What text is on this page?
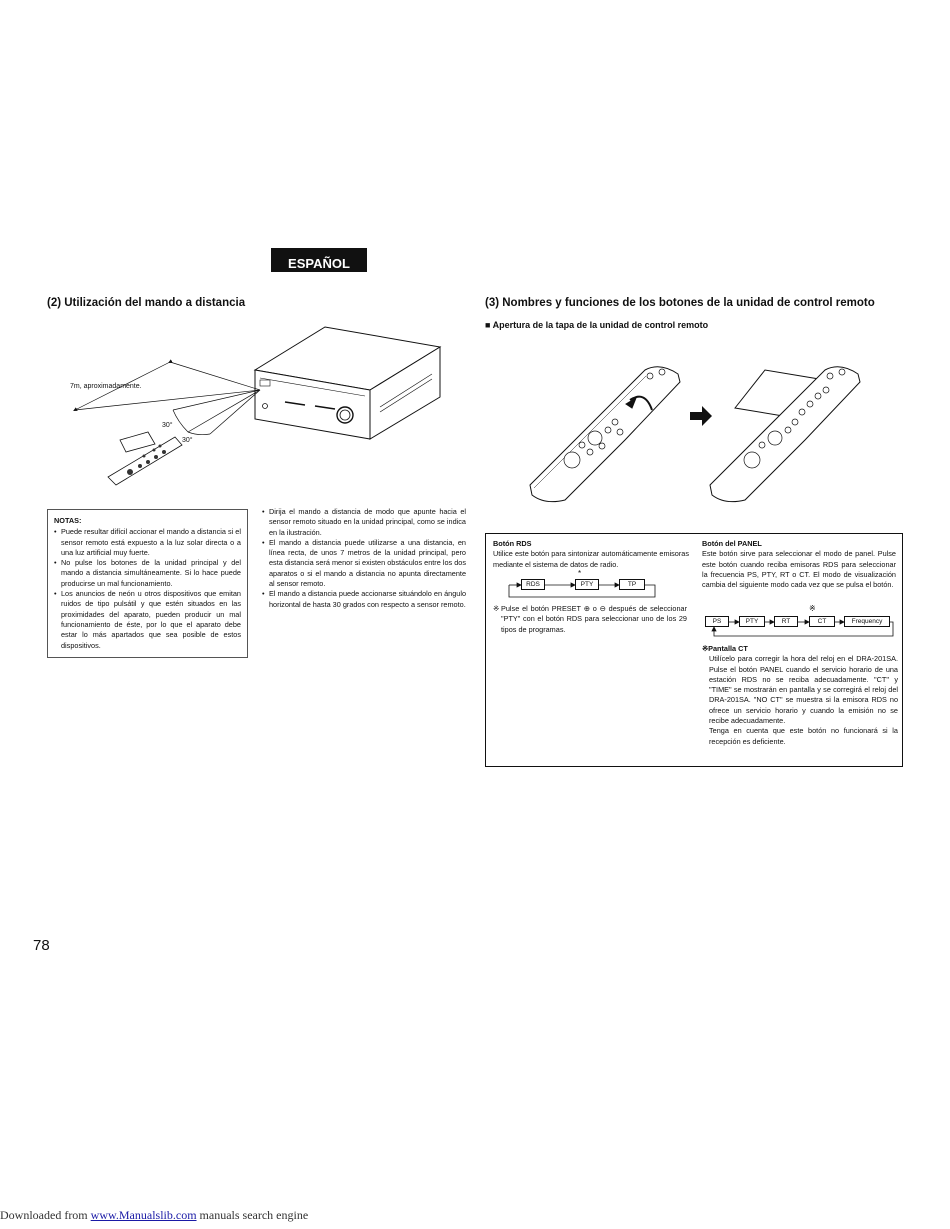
ESPAÑOL
(2) Utilización del mando a distancia
7m, aproximadamente.
30°
30°
NOTAS:
• Puede resultar difícil accionar el mando a distancia si el sensor remoto está expuesto a la luz solar directa o a una luz artificial muy fuerte.
• No pulse los botones de la unidad principal y del mando a distancia simultáneamente. Si lo hace puede producirse un mal funcionamiento.
• Los anuncios de neón u otros dispositivos que emitan ruidos de tipo pulsátil y que estén situados en las proximidades del aparato, pueden producir un mal funcionamiento de éste, por lo que el aparato debe estar lo más apartados que sea posible de estos dispositivos.
• Dirija el mando a distancia de modo que apunte hacia el sensor remoto situado en la unidad principal, como se indica en la ilustración.
• El mando a distancia puede utilizarse a una distancia, en línea recta, de unos 7 metros de la unidad principal, pero esta distancia será menor si existen obstáculos entre los dos aparatos o si el mando a distancia no apunta directamente al sensor remoto.
• El mando a distancia puede accionarse situándolo en ángulo horizontal de hasta 30 grados con respecto a sensor remoto.
(3) Nombres y funciones de los botones de la unidad de control remoto
■ Apertura de la tapa de la unidad de control remoto
Botón RDS
Utilice este botón para sintonizar automáticamente emisoras mediante el sistema de datos de radio.
*
RDS	PTY	TP
※ Pulse el botón PRESET ⊕ o ⊖ después de seleccionar "PTY" con el botón RDS para seleccionar uno de los 29 tipos de programas.
Botón del PANEL
Este botón sirve para seleccionar el modo de panel. Pulse este botón cuando reciba emisoras RDS para seleccionar la frecuencia PS, PTY, RT o CT. El modo de visualización cambia del siguiente modo cada vez que se pulsa el botón.
※
PS	PTY	RT	CT	Frequency
※Pantalla CT
Utilícelo para corregir la hora del reloj en el DRA-201SA. Pulse el botón PANEL cuando el servicio horario de una estación RDS no se reciba adecuadamente. "CT" y "TIME" se mostrarán en pantalla y se corregirá el reloj del DRA-201SA. "NO CT" se muestra si la emisora RDS no ofrece un servicio horario y cuando la emisión no se recibe adecuadamente.
Tenga en cuenta que este botón no funcionará si la recepción es deficiente.
78
Downloaded from www.Manualslib.com manuals search engine
